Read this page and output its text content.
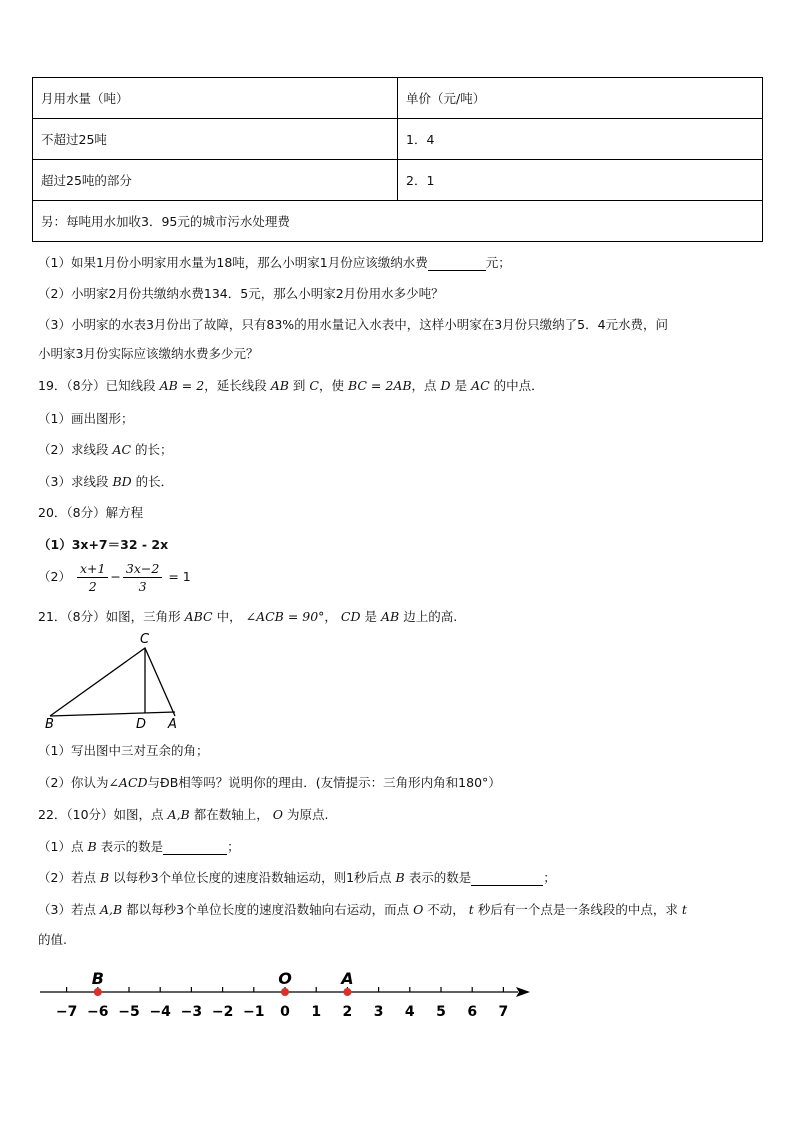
月用水量（吨）	单价（元/吨）
不超过25吨	1．4
超过25吨的部分	2．1
另：每吨用水加收3．95元的城市污水处理费	
（1）如果1月份小明家用水量为18吨，那么小明家1月份应该缴纳水费	元；
（2）小明家2月份共缴纳水费134．5元，那么小明家2月份用水多少吨？
（3）小明家的水表3月份出了故障，只有83%的用水量记入水表中，这样小明家在3月份只缴纳了5．4元水费，问
小明家3月份实际应该缴纳水费多少元？
19．（8分）已知线段 AB = 2，延长线段 AB 到 C，使 BC = 2AB，点 D 是 AC 的中点．
（1）画出图形；
（2）求线段 AC 的长；
（3）求线段 BD 的长．
20．（8分）解方程
（1）3x+7＝32 - 2x
$(2) \frac{x+1}{2} - \frac{3x-2}{3} = 1$
21．（8分）如图，三角形 ABC 中， ∠ACB = 90°， CD 是 AB 边上的高.
C
B	D A
（1）写出图中三对互余的角；
（2）你认为∠ACD与ÐB相等吗？说明你的理由．(友情提示：三角形内角和180°）
22．（10分）如图，点 A,B 都在数轴上， O 为原点.
（1）点 B 表示的数是	；
（2）若点 B 以每秒3个单位长度的速度沿数轴运动，则1秒后点 B 表示的数是	；
（3）若点 A,B 都以每秒3个单位长度的速度沿数轴向右运动，而点 O 不动， t 秒后有一个点是一条线段的中点，求 t
的值.
−7 −6 −5 −4 −3 −2 −1 0 1 2 3 4 5 6 7
B	O	A
